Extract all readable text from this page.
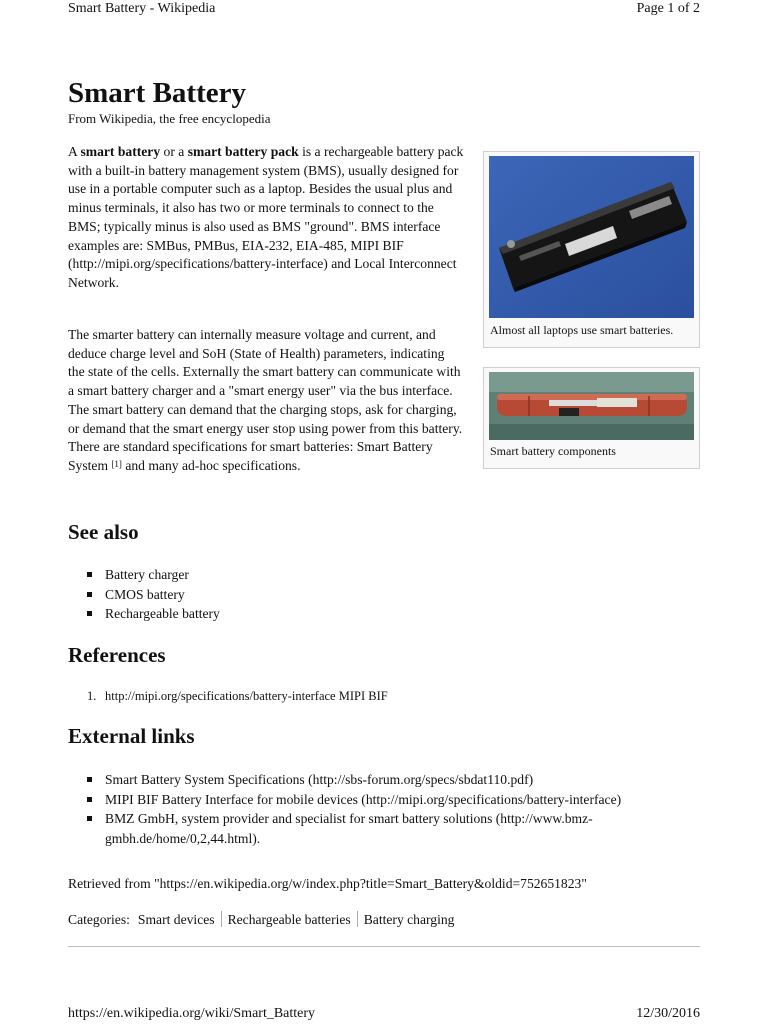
Smart Battery - Wikipedia	Page 1 of 2
Smart Battery
From Wikipedia, the free encyclopedia

A smart battery or a smart battery pack is a rechargeable battery pack with a built-in battery management system (BMS), usually designed for use in a portable computer such as a laptop. Besides the usual plus and minus terminals, it also has two or more terminals to connect to the BMS; typically minus is also used as BMS "ground". BMS interface examples are: SMBus, PMBus, EIA-232, EIA-485, MIPI BIF (http://mipi.org/specifications/battery-interface) and Local Interconnect Network.

The smarter battery can internally measure voltage and current, and deduce charge level and SoH (State of Health) parameters, indicating the state of the cells. Externally the smart battery can communicate with a smart battery charger and a "smart energy user" via the bus interface. The smart battery can demand that the charging stops, ask for charging, or demand that the smart energy user stop using power from this battery. There are standard specifications for smart batteries: Smart Battery System [1] and many ad-hoc specifications.

Almost all laptops use smart batteries.
Smart battery components
See also
Battery charger
CMOS battery
Rechargeable battery
References
1. http://mipi.org/specifications/battery-interface MIPI BIF
External links
Smart Battery System Specifications (http://sbs-forum.org/specs/sbdat110.pdf)
MIPI BIF Battery Interface for mobile devices (http://mipi.org/specifications/battery-interface)
BMZ GmbH, system provider and specialist for smart battery solutions (http://www.bmz-gmbh.de/home/0,2,44.html).
Retrieved from "https://en.wikipedia.org/w/index.php?title=Smart_Battery&oldid=752651823"
Categories: Smart devices Rechargeable batteries Battery charging
https://en.wikipedia.org/wiki/Smart_Battery	12/30/2016
